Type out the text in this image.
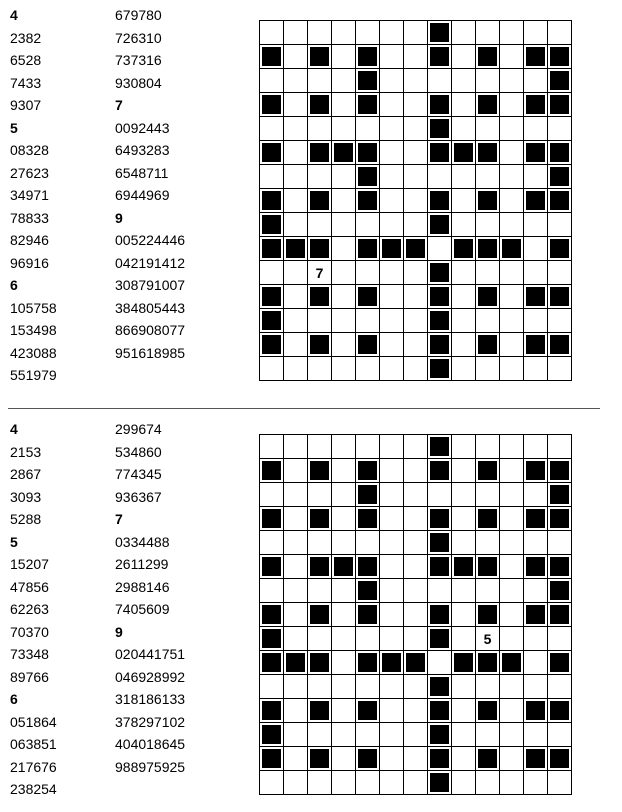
4
2382
6528
7433
9307
5
08328
27623
34971
78833
82946
96916
6
105758
153498
423088
551979
679780
726310
737316
930804
7
0092443
6493283
6548711
6944969
9
005224446
042191412
308791007
384805443
866908077
951618985

		7										

4
2153
2867
3093
5288
5
15207
47856
62263
70370
73348
89766
6
051864
063851
217676
238254
299674
534860
774345
936367
7
0334488
2611299
2988146
7405609
9
020441751
046928992
318186133
378297102
404018645
988975925

									5			
